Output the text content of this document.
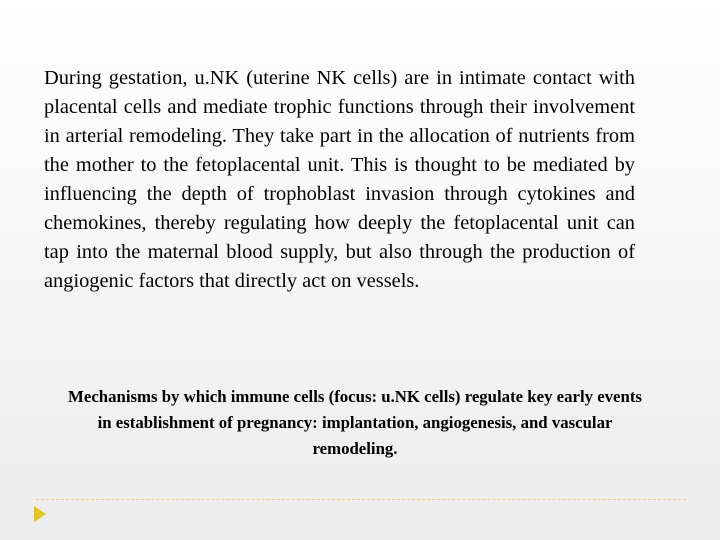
During gestation, u.NK (uterine NK cells) are in intimate contact with placental cells and mediate trophic functions through their involvement in arterial remodeling. They take part in the allocation of nutrients from the mother to the fetoplacental unit. This is thought to be mediated by influencing the depth of trophoblast invasion through cytokines and chemokines, thereby regulating how deeply the fetoplacental unit can tap into the maternal blood supply, but also through the production of angiogenic factors that directly act on vessels.

Mechanisms by which immune cells (focus: u.NK cells) regulate key early events in establishment of pregnancy: implantation, angiogenesis, and vascular remodeling.
